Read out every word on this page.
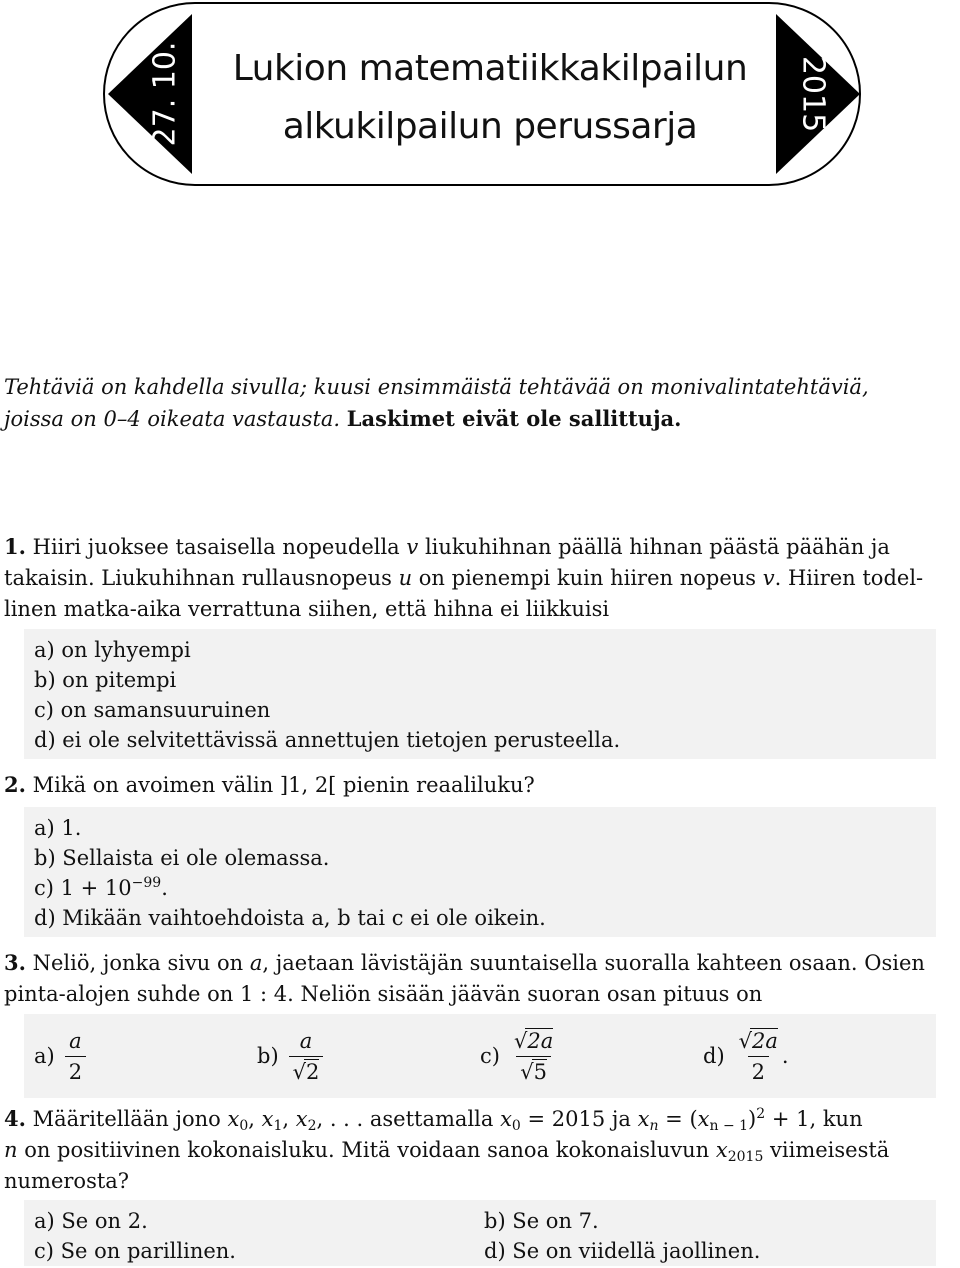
27. 10.	2015
Lukion matematiikkakilpailun
alkukilpailun perussarja
Tehtäviä on kahdella sivulla; kuusi ensimmäistä tehtävää on monivalintatehtäviä,
joissa on 0–4 oikeata vastausta. Laskimet eivät ole sallittuja.
1. Hiiri juoksee tasaisella nopeudella v liukuhihnan päällä hihnan päästä päähän ja
takaisin. Liukuhihnan rullausnopeus u on pienempi kuin hiiren nopeus v. Hiiren todel-
linen matka-aika verrattuna siihen, että hihna ei liikkuisi
a) on lyhyempi
b) on pitempi
c) on samansuuruinen
d) ei ole selvitettävissä annettujen tietojen perusteella.
2. Mikä on avoimen välin ]1, 2[ pienin reaaliluku?
a) 1.
b) Sellaista ei ole olemassa.
c) $1 + 10^{-99}$.
d) Mikään vaihtoehdoista a, b tai c ei ole oikein.
3. Neliö, jonka sivu on a, jaetaan lävistäjän suuntaisella suoralla kahteen osaan. Osien
pinta-alojen suhde on 1 : 4. Neliön sisään jäävän suoran osan pituus on
$a) \frac{a}{2}$	$b) \frac{a}{√2}$	$c) \frac{√2a}{√5}$	$d) \frac{√2a}{2}$ .
4. Määritellään jono $x_0$, $x_1$, $x_2$, . . . asettamalla $x_0 = 2015$ ja $x_n = (x_{n - 1})^2 + 1$, kun
n on positiivinen kokonaisluku. Mitä voidaan sanoa kokonaisluvun $x_{2015}$ viimeisestä
numerosta?
a) Se on 2.	b) Se on 7.
c) Se on parillinen.	d) Se on viidellä jaollinen.
